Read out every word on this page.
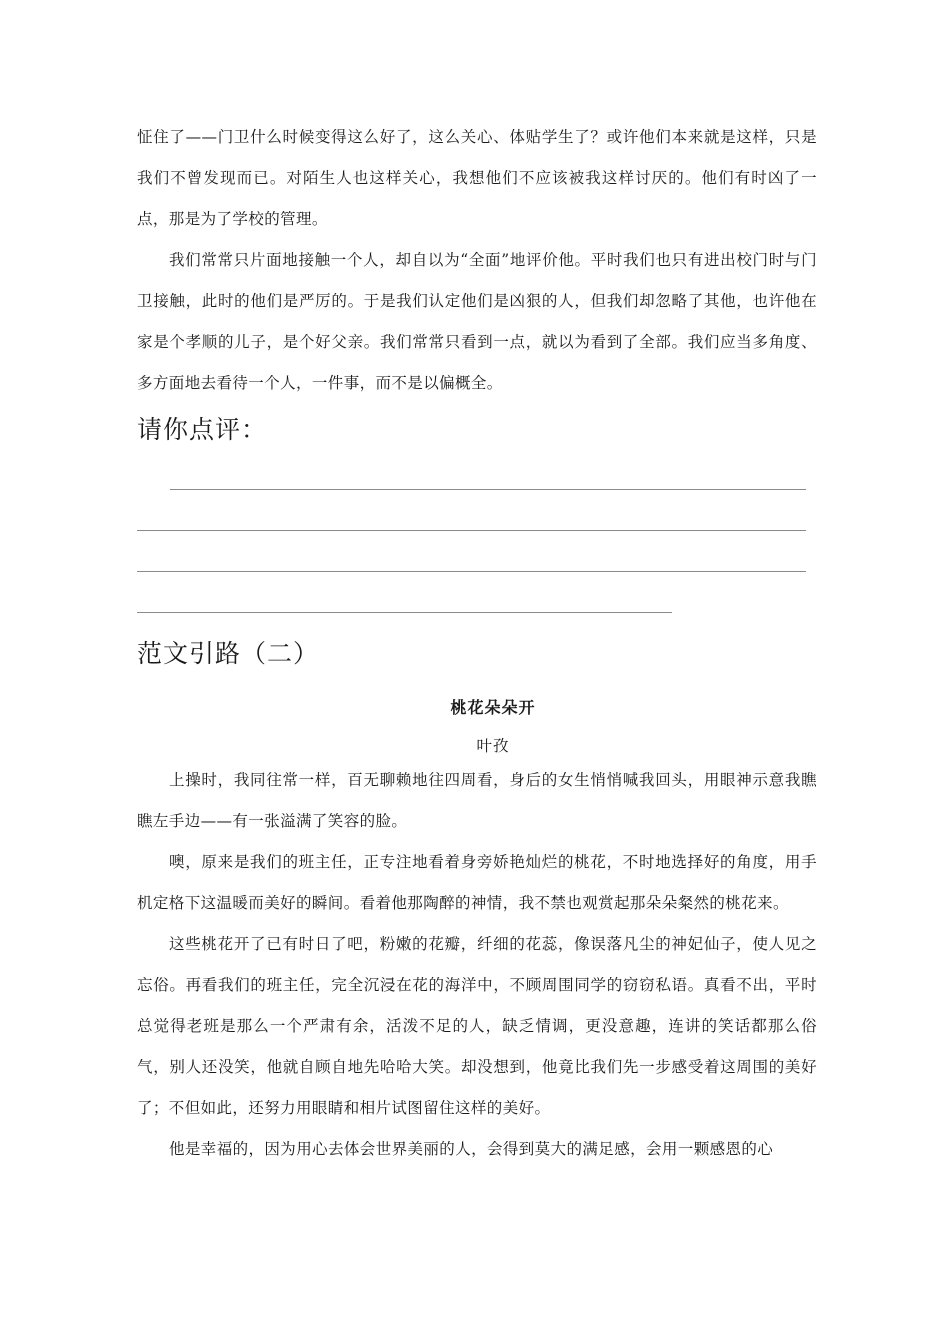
怔住了——门卫什么时候变得这么好了，这么关心、体贴学生了？或许他们本来就是这样，只是我们不曾发现而已。对陌生人也这样关心，我想他们不应该被我这样讨厌的。他们有时凶了一点，那是为了学校的管理。

我们常常只片面地接触一个人，却自以为“全面”地评价他。平时我们也只有进出校门时与门卫接触，此时的他们是严厉的。于是我们认定他们是凶狠的人，但我们却忽略了其他，也许他在家是个孝顺的儿子，是个好父亲。我们常常只看到一点，就以为看到了全部。我们应当多角度、多方面地去看待一个人，一件事，而不是以偏概全。

请你点评：
范文引路（二）
桃花朵朵开
叶孜

上操时，我同往常一样，百无聊赖地往四周看，身后的女生悄悄喊我回头，用眼神示意我瞧瞧左手边——有一张溢满了笑容的脸。

噢，原来是我们的班主任，正专注地看着身旁娇艳灿烂的桃花，不时地选择好的角度，用手机定格下这温暖而美好的瞬间。看着他那陶醉的神情，我不禁也观赏起那朵朵粲然的桃花来。

这些桃花开了已有时日了吧，粉嫩的花瓣，纤细的花蕊，像误落凡尘的神妃仙子，使人见之忘俗。再看我们的班主任，完全沉浸在花的海洋中，不顾周围同学的窃窃私语。真看不出，平时总觉得老班是那么一个严肃有余，活泼不足的人，缺乏情调，更没意趣，连讲的笑话都那么俗气，别人还没笑，他就自顾自地先哈哈大笑。却没想到，他竟比我们先一步感受着这周围的美好了；不但如此，还努力用眼睛和相片试图留住这样的美好。

他是幸福的，因为用心去体会世界美丽的人，会得到莫大的满足感，会用一颗感恩的心
